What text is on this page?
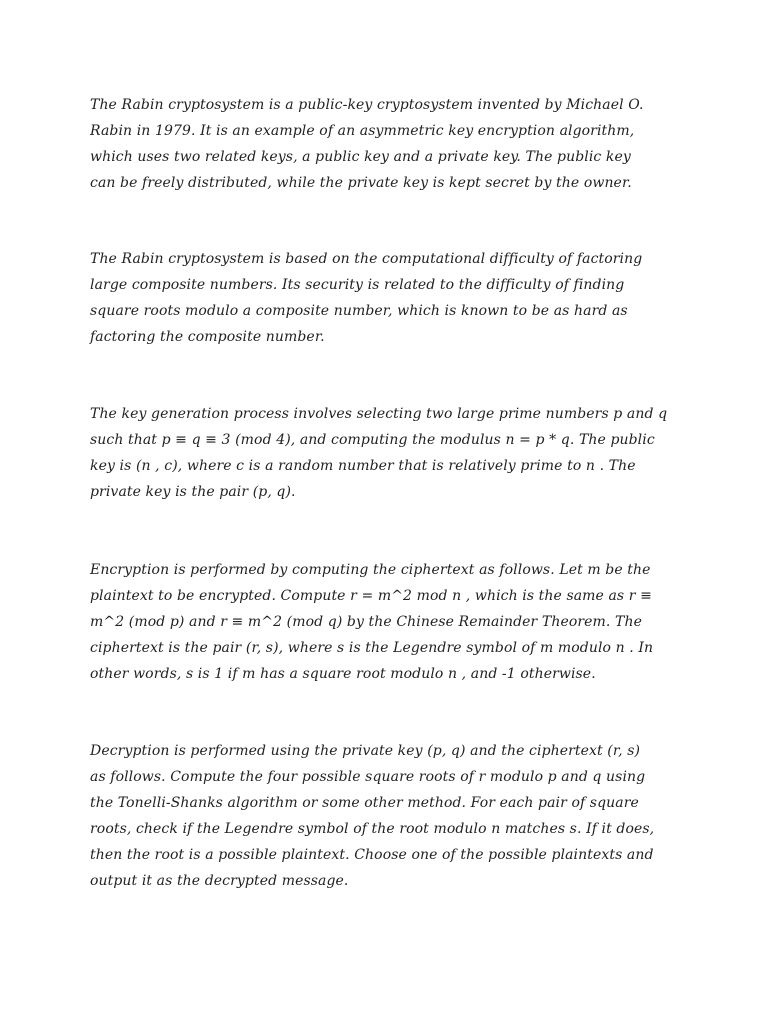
The Rabin cryptosystem is a public-key cryptosystem invented by Michael O.
Rabin in 1979. It is an example of an asymmetric key encryption algorithm,
which uses two related keys, a public key and a private key. The public key
can be freely distributed, while the private key is kept secret by the owner.

The Rabin cryptosystem is based on the computational difficulty of factoring
large composite numbers. Its security is related to the difficulty of finding
square roots modulo a composite number, which is known to be as hard as
factoring the composite number.

The key generation process involves selecting two large prime numbers p and q
such that p ≡ q ≡ 3 (mod 4), and computing the modulus n = p * q. The public
key is (n , c), where c is a random number that is relatively prime to n . The
private key is the pair (p, q).

Encryption is performed by computing the ciphertext as follows. Let m be the
plaintext to be encrypted. Compute r = m^2 mod n , which is the same as r ≡
m^2 (mod p) and r ≡ m^2 (mod q) by the Chinese Remainder Theorem. The
ciphertext is the pair (r, s), where s is the Legendre symbol of m modulo n . In
other words, s is 1 if m has a square root modulo n , and -1 otherwise.

Decryption is performed using the private key (p, q) and the ciphertext (r, s)
as follows. Compute the four possible square roots of r modulo p and q using
the Tonelli-Shanks algorithm or some other method. For each pair of square
roots, check if the Legendre symbol of the root modulo n matches s. If it does,
then the root is a possible plaintext. Choose one of the possible plaintexts and
output it as the decrypted message.
